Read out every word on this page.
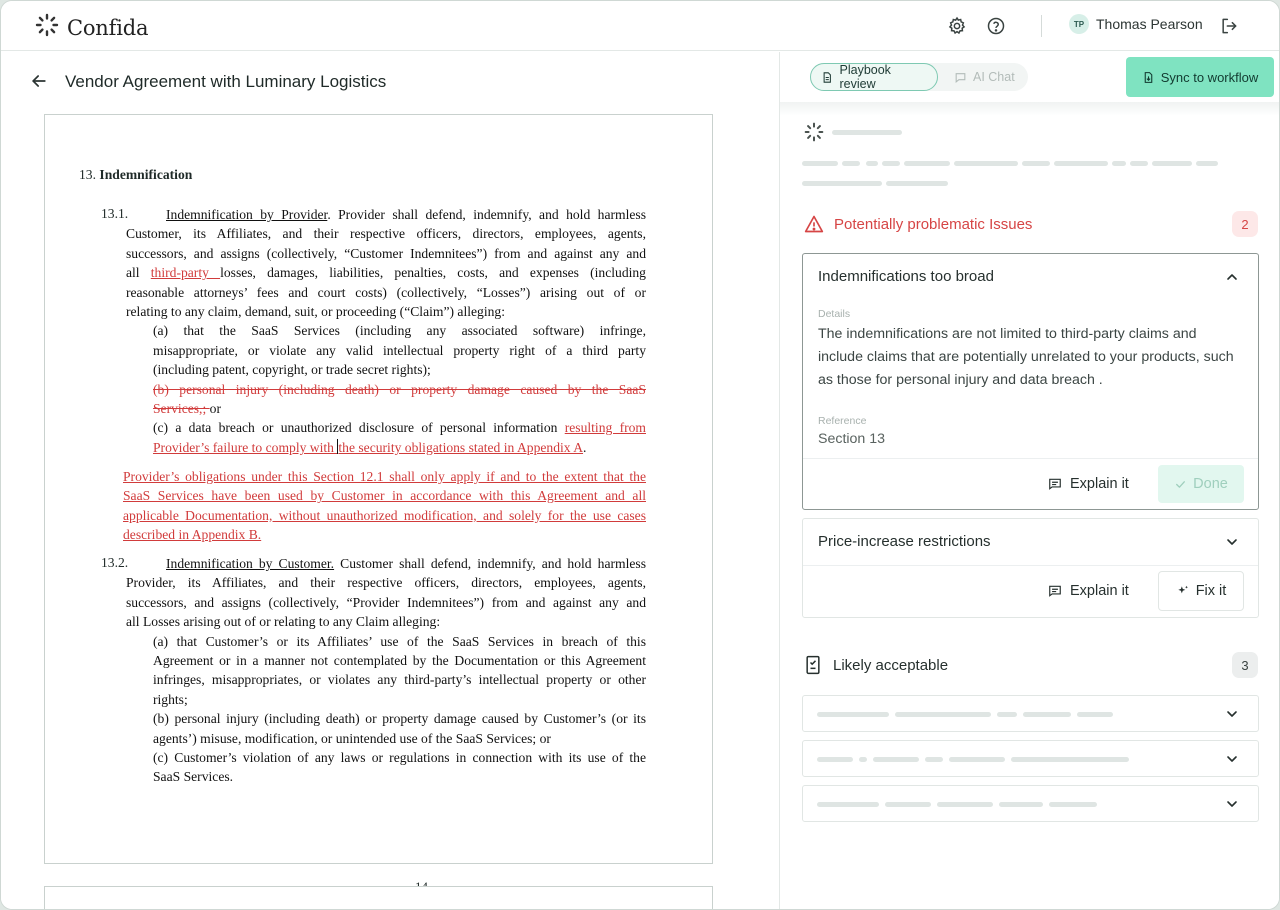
Confida	TP Thomas Pearson
Vendor Agreement with Luminary Logistics
13. Indemnification
13.1.	Indemnification by Provider. Provider shall defend, indemnify, and hold harmless
Customer, its Affiliates, and their respective officers, directors, employees, agents,
successors, and assigns (collectively, “Customer Indemnitees”) from and against any and
all third-party losses, damages, liabilities, penalties, costs, and expenses (including
reasonable attorneys’ fees and court costs) (collectively, “Losses”) arising out of or
relating to any claim, demand, suit, or proceeding (“Claim”) alleging:
(a) that the SaaS Services (including any associated software) infringe,
misappropriate, or violate any valid intellectual property right of a third party
(including patent, copyright, or trade secret rights);
(b) personal injury (including death) or property damage caused by the SaaS
Services,; or
(c) a data breach or unauthorized disclosure of personal information resulting from
Provider’s failure to comply with the security obligations stated in Appendix A.
Provider’s obligations under this Section 12.1 shall only apply if and to the extent that the
SaaS Services have been used by Customer in accordance with this Agreement and all
applicable Documentation, without unauthorized modification, and solely for the use cases
described in Appendix B.
13.2.	Indemnification by Customer. Customer shall defend, indemnify, and hold harmless
Provider, its Affiliates, and their respective officers, directors, employees, agents,
successors, and assigns (collectively, “Provider Indemnitees”) from and against any and
all Losses arising out of or relating to any Claim alleging:
(a) that Customer’s or its Affiliates’ use of the SaaS Services in breach of this
Agreement or in a manner not contemplated by the Documentation or this Agreement
infringes, misappropriates, or violates any third-party’s intellectual property or other
rights;
(b) personal injury (including death) or property damage caused by Customer’s (or its
agents’) misuse, modification, or unintended use of the SaaS Services; or
(c) Customer’s violation of any laws or regulations in connection with its use of the
SaaS Services.
Playbook review	AI Chat	Sync to workflow
Potentially problematic Issues	2
Indemnifications too broad
Details
The indemnifications are not limited to third-party claims and include claims that are potentially unrelated to your products, such as those for personal injury and data breach .
Reference
Section 13
Explain it	Done
Price-increase restrictions
Explain it	Fix it
Likely acceptable	3
